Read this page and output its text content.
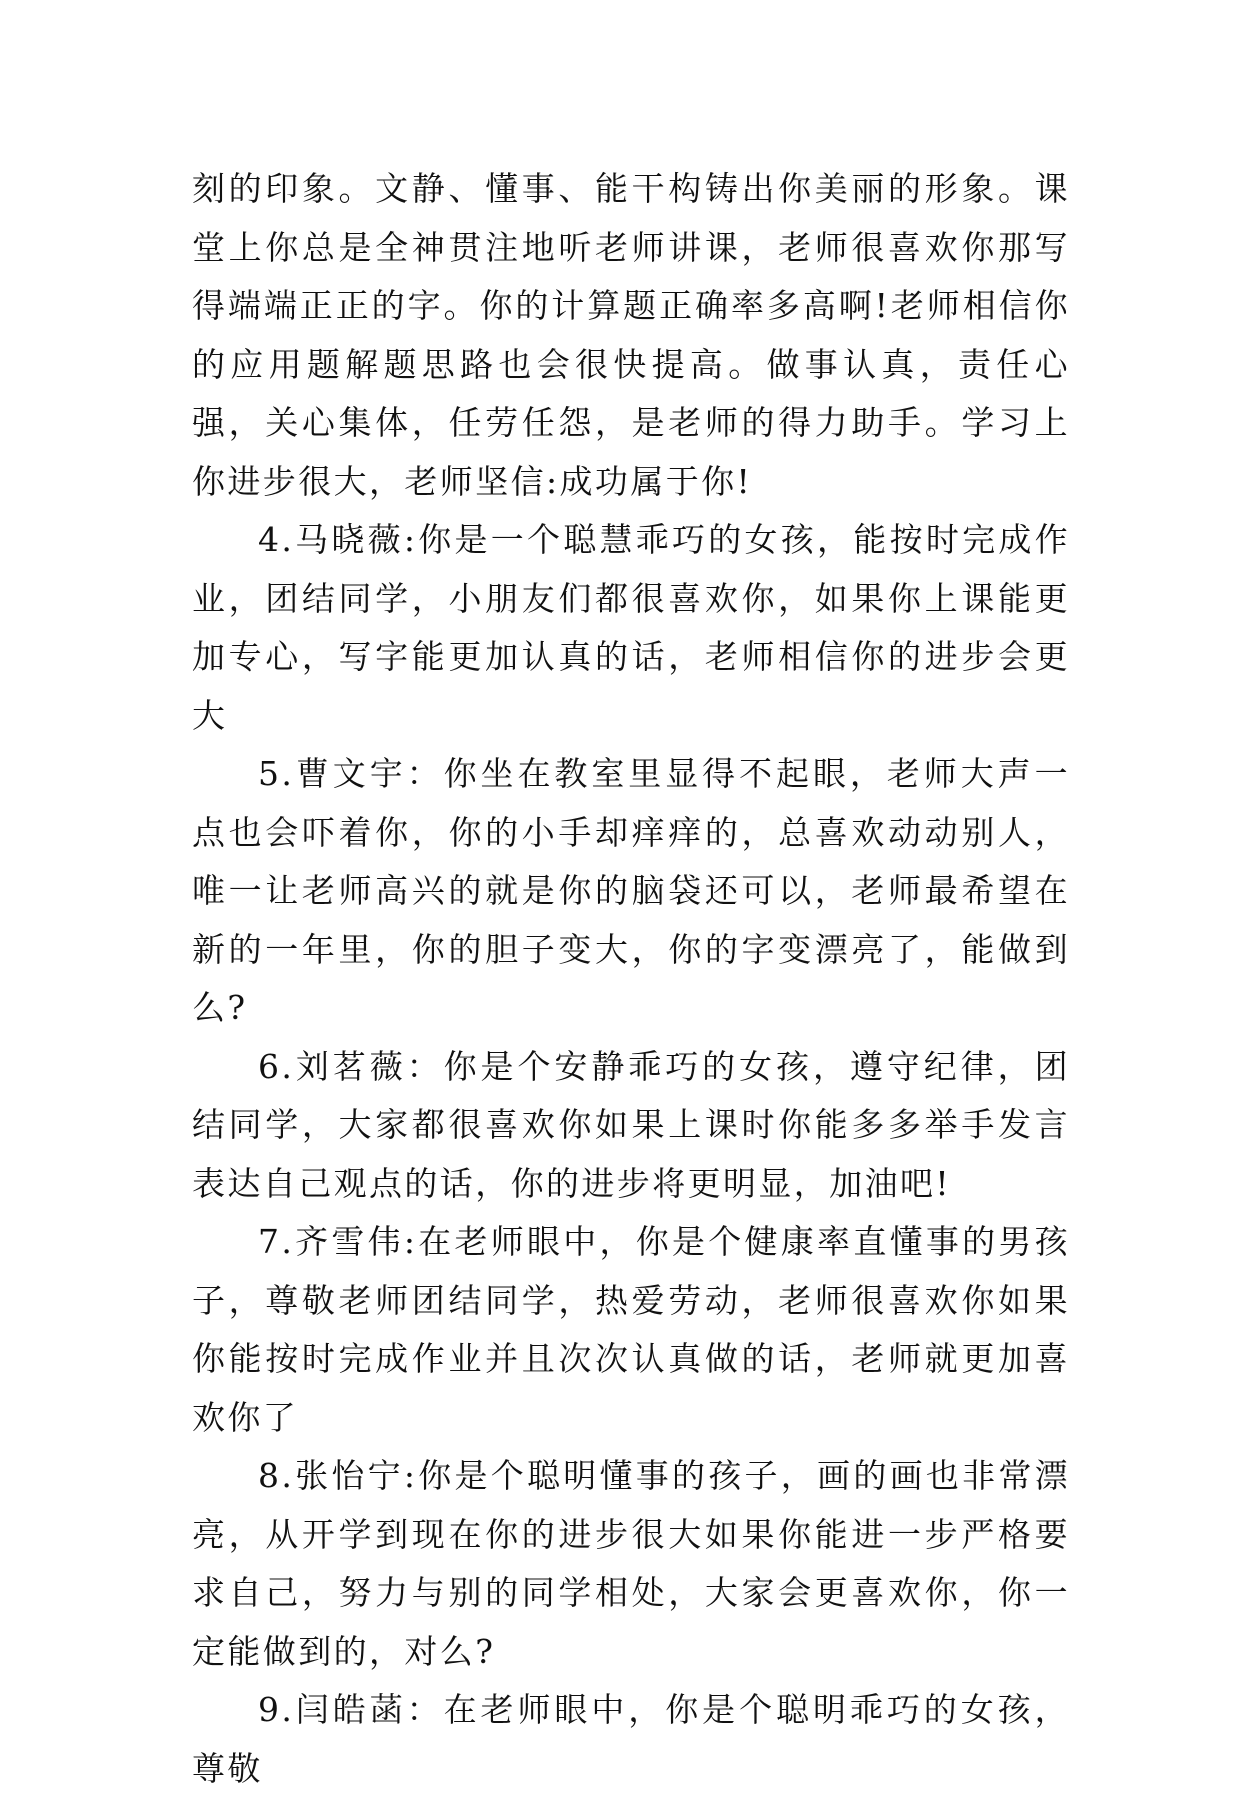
刻的印象。文静、懂事、能干构铸出你美丽的形象。课堂上你总是全神贯注地听老师讲课，老师很喜欢你那写得端端正正的字。你的计算题正确率多高啊!老师相信你的应用题解题思路也会很快提高。做事认真，责任心强，关心集体，任劳任怨，是老师的得力助手。学习上你进步很大，老师坚信:成功属于你!

4.马晓薇:你是一个聪慧乖巧的女孩，能按时完成作业，团结同学，小朋友们都很喜欢你，如果你上课能更加专心，写字能更加认真的话，老师相信你的进步会更大

5.曹文宇：你坐在教室里显得不起眼，老师大声一点也会吓着你，你的小手却痒痒的，总喜欢动动别人，唯一让老师高兴的就是你的脑袋还可以，老师最希望在新的一年里，你的胆子变大，你的字变漂亮了，能做到么?

6.刘茗薇：你是个安静乖巧的女孩，遵守纪律，团结同学，大家都很喜欢你如果上课时你能多多举手发言表达自己观点的话，你的进步将更明显，加油吧!

7.齐雪伟:在老师眼中，你是个健康率直懂事的男孩子，尊敬老师团结同学，热爱劳动，老师很喜欢你如果你能按时完成作业并且次次认真做的话，老师就更加喜欢你了

8.张怡宁:你是个聪明懂事的孩子，画的画也非常漂亮，从开学到现在你的进步很大如果你能进一步严格要求自己，努力与别的同学相处，大家会更喜欢你，你一定能做到的，对么?

9.闫皓菡：在老师眼中，你是个聪明乖巧的女孩，尊敬
